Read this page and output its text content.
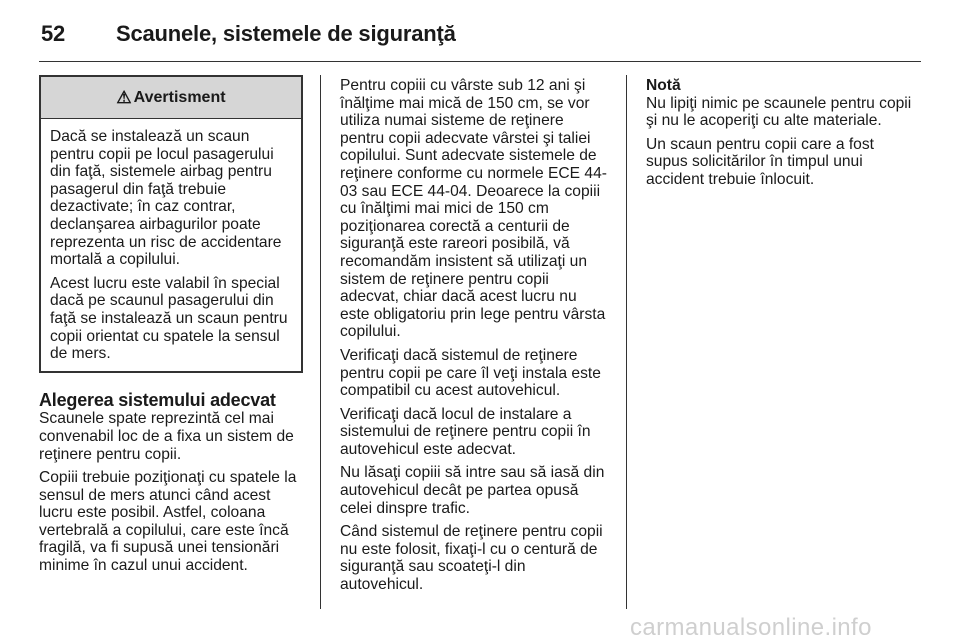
52	Scaunele, sistemele de siguranţă
⚠ Avertisment

Dacă se instalează un scaun pentru copii pe locul pasagerului din faţă, sistemele airbag pentru pasagerul din faţă trebuie dezactivate; în caz contrar, declanşarea airbagurilor poate reprezenta un risc de accidentare mortală a copilului.

Acest lucru este valabil în special dacă pe scaunul pasagerului din faţă se instalează un scaun pentru copii orientat cu spatele la sensul de mers.

Alegerea sistemului adecvat

Scaunele spate reprezintă cel mai convenabil loc de a fixa un sistem de reţinere pentru copii.

Copiii trebuie poziţionaţi cu spatele la sensul de mers atunci când acest lucru este posibil. Astfel, coloana vertebrală a copilului, care este încă fragilă, va fi supusă unei tensionări minime în cazul unui accident.

Pentru copiii cu vârste sub 12 ani şi înălţime mai mică de 150 cm, se vor utiliza numai sisteme de reţinere pentru copii adecvate vârstei şi taliei copilului. Sunt adecvate sistemele de reţinere conforme cu normele ECE 44-03 sau ECE 44-04. Deoarece la copiii cu înălţimi mai mici de 150 cm poziţionarea corectă a centurii de siguranţă este rareori posibilă, vă recomandăm insistent să utilizaţi un sistem de reţinere pentru copii adecvat, chiar dacă acest lucru nu este obligatoriu prin lege pentru vârsta copilului.

Verificaţi dacă sistemul de reţinere pentru copii pe care îl veţi instala este compatibil cu acest autovehicul.

Verificaţi dacă locul de instalare a sistemului de reţinere pentru copii în autovehicul este adecvat.

Nu lăsaţi copiii să intre sau să iasă din autovehicul decât pe partea opusă celei dinspre trafic.

Când sistemul de reţinere pentru copii nu este folosit, fixaţi-l cu o centură de siguranţă sau scoateţi-l din autovehicul.

Notă

Nu lipiţi nimic pe scaunele pentru copii şi nu le acoperiţi cu alte materiale.

Un scaun pentru copii care a fost supus solicitărilor în timpul unui accident trebuie înlocuit.

carmanualsonline.info
